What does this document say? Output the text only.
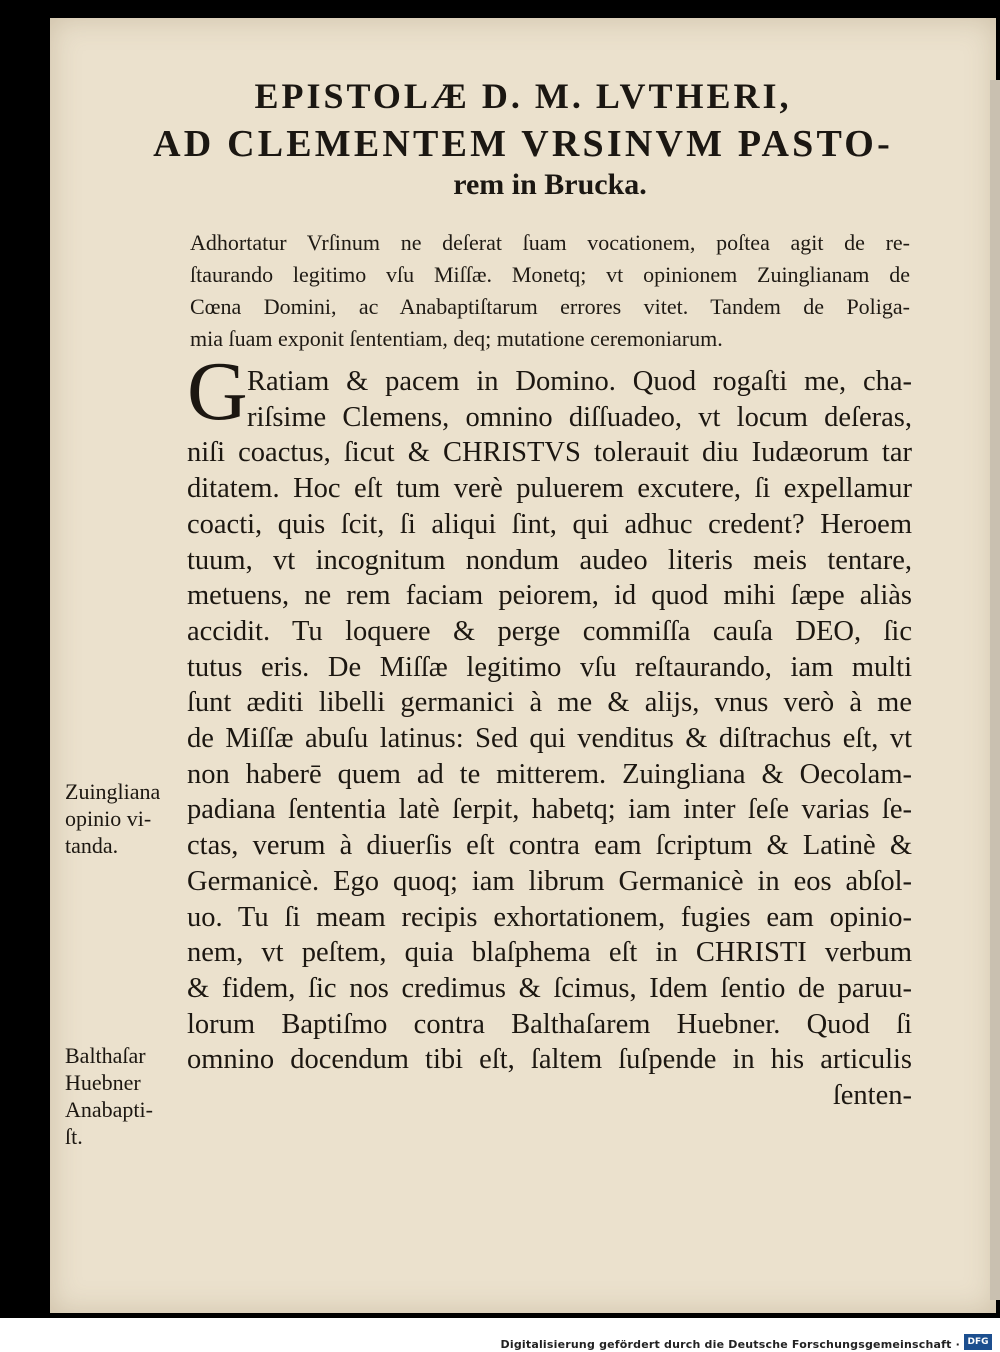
EPISTOLÆ D. M. LVTHERI,
AD CLEMENTEM VRSINVM PASTO-
rem in Brucka.
Adhortatur Vrſinum ne deſerat ſuam vocationem, poſtea agit de re-
ſtaurando legitimo vſu Miſſæ. Monetq; vt opinionem Zuinglianam de
Cœna Domini, ac Anabaptiſtarum errores vitet. Tandem de Poliga-
mia ſuam exponit ſententiam, deq; mutatione ceremoniarum.
G Ratiam & pacem in Domino. Quod rogaſti me, cha-
riſsime Clemens, omnino diſſuadeo, vt locum deſeras,
niſi coactus, ſicut & CHRISTVS tolerauit diu Iudæorum tar
ditatem. Hoc eſt tum verè puluerem excutere, ſi expellamur
coacti, quis ſcit, ſi aliqui ſint, qui adhuc credent? Heroem
tuum, vt incognitum nondum audeo literis meis tentare,
metuens, ne rem faciam peiorem, id quod mihi ſæpe aliàs
accidit. Tu loquere & perge commiſſa cauſa DEO, ſic
tutus eris. De Miſſæ legitimo vſu reſtaurando, iam multi
ſunt æditi libelli germanici à me & alijs, vnus verò à me
de Miſſæ abuſu latinus: Sed qui venditus & diſtrachus eſt, vt
non haberē quem ad te mitterem. Zuingliana & Oecolam-
padiana ſententia latè ſerpit, habetq; iam inter ſeſe varias ſe-
ctas, verum à diuerſis eſt contra eam ſcriptum & Latinè &
Germanicè. Ego quoq; iam librum Germanicè in eos abſol-
uo. Tu ſi meam recipis exhortationem, fugies eam opinio-
nem, vt peſtem, quia blaſphema eſt in CHRISTI verbum
& fidem, ſic nos credimus & ſcimus, Idem ſentio de paruu-
lorum Baptiſmo contra Balthaſarem Huebner. Quod ſi
omnino docendum tibi eſt, ſaltem ſuſpende in his articulis
ſenten-
Zuingliana
opinio vi-
tanda.
Balthaſar
Huebner
Anabapti-
ſt.
Digitalisierung gefördert durch die Deutsche Forschungsgemeinschaft · DFG
